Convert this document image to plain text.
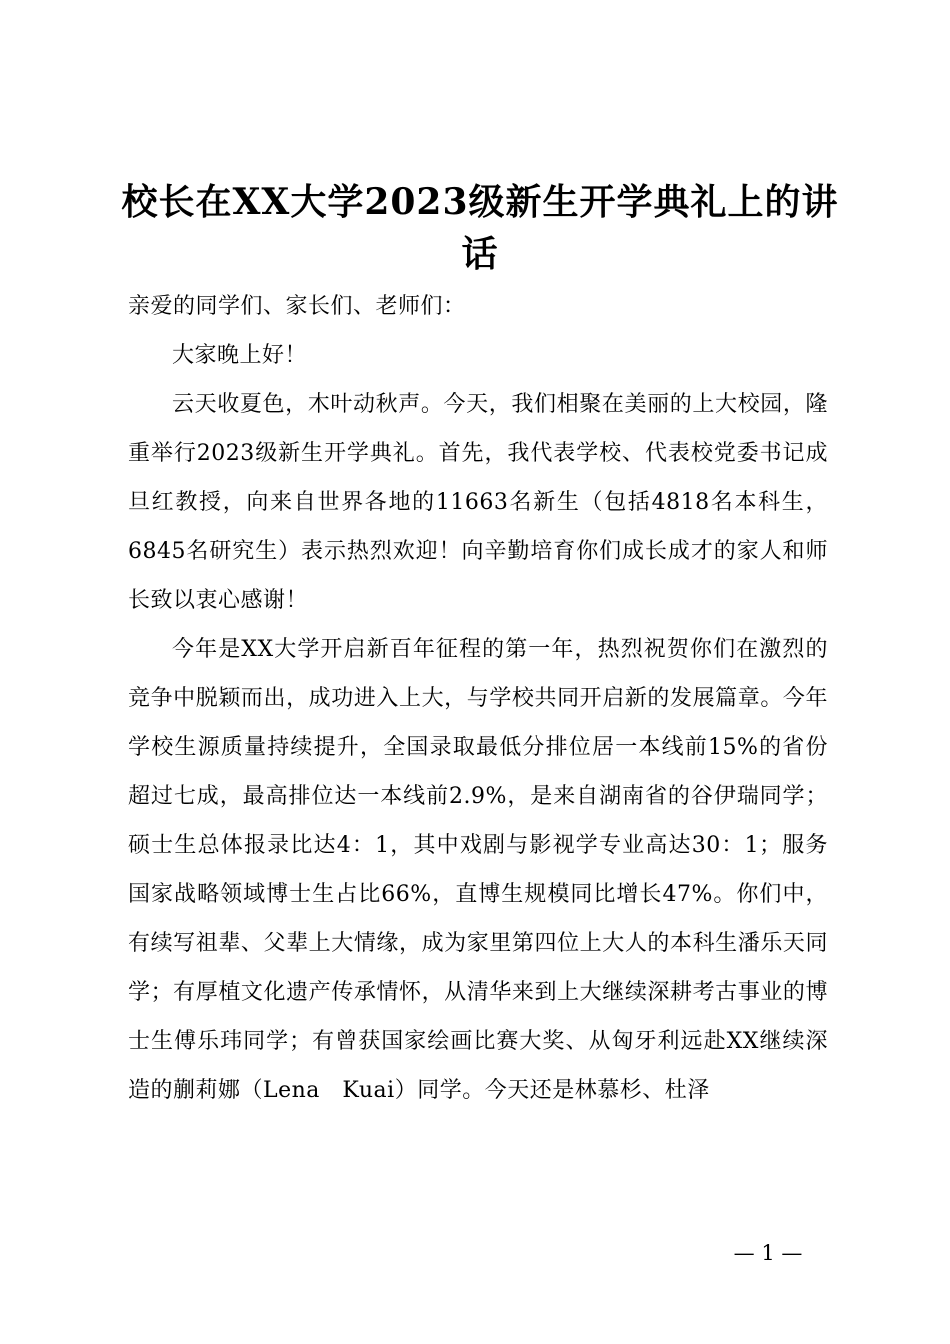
校长在XX大学2023级新生开学典礼上的讲话

亲爱的同学们、家长们、老师们：

大家晚上好！

云天收夏色，木叶动秋声。今天，我们相聚在美丽的上大校园，隆重举行2023级新生开学典礼。首先，我代表学校、代表校党委书记成旦红教授，向来自世界各地的11663名新生（包括4818名本科生，6845名研究生）表示热烈欢迎！向辛勤培育你们成长成才的家人和师长致以衷心感谢！

今年是XX大学开启新百年征程的第一年，热烈祝贺你们在激烈的竞争中脱颖而出，成功进入上大，与学校共同开启新的发展篇章。今年学校生源质量持续提升，全国录取最低分排位居一本线前15%的省份超过七成，最高排位达一本线前2.9%，是来自湖南省的谷伊瑞同学；硕士生总体报录比达4：1，其中戏剧与影视学专业高达30：1；服务国家战略领域博士生占比66%，直博生规模同比增长47%。你们中，有续写祖辈、父辈上大情缘，成为家里第四位上大人的本科生潘乐天同学；有厚植文化遗产传承情怀，从清华来到上大继续深耕考古事业的博士生傅乐玮同学；有曾获国家绘画比赛大奖、从匈牙利远赴XX继续深造的蒯莉娜（Lena　Kuai）同学。今天还是林慕杉、杜泽

— 1 —
